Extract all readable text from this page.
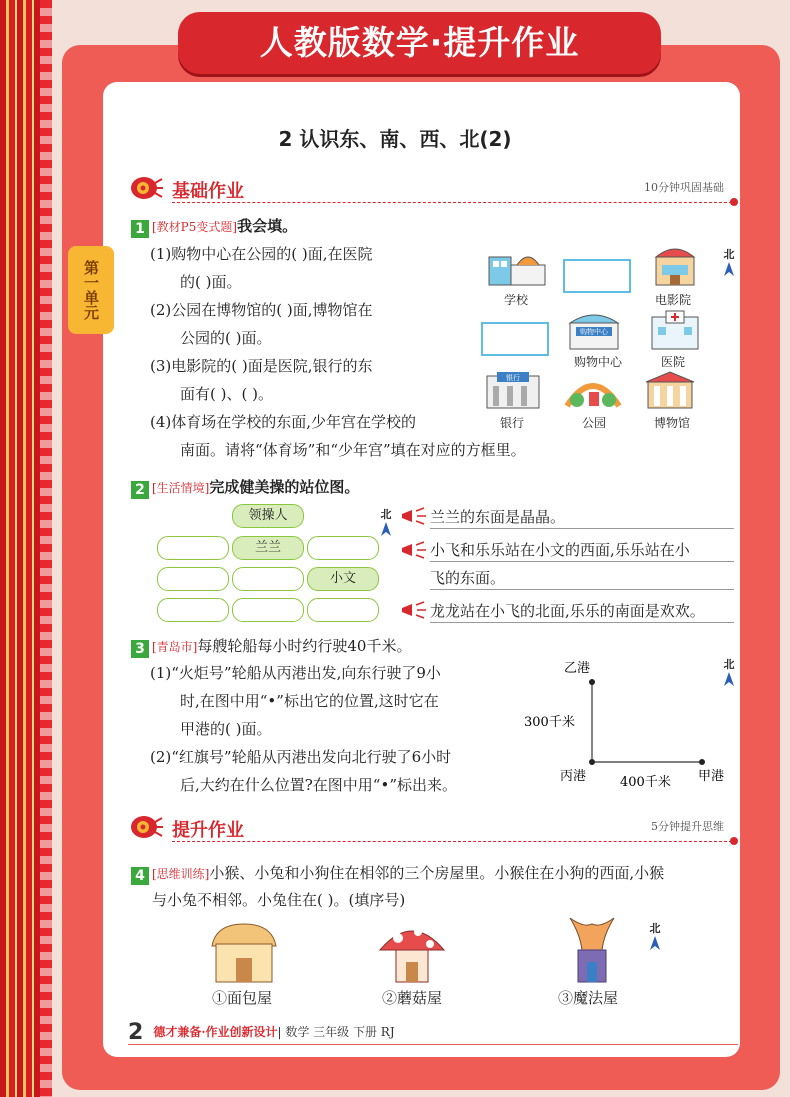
人教版数学·提升作业
第一单元
2 认识东、南、西、北(2)
基础作业	10分钟巩固基础
1 [教材P5变式题]我会填。
(1)购物中心在公园的( )面,在医院
的( )面。
(2)公园在博物馆的( )面,博物馆在
公园的( )面。
(3)电影院的( )面是医院,银行的东
面有( )、( )。
(4)体育场在学校的东面,少年宫在学校的
南面。请将“体育场”和“少年宫”填在对应的方框里。
北
学校	电影院
购物中心
购物中心	医院
银行
银行	公园	博物馆
2 [生活情境]完成健美操的站位图。
领操人
兰兰
小文
北	兰兰的东面是晶晶。
小飞和乐乐站在小文的西面,乐乐站在小
飞的东面。
龙龙站在小飞的北面,乐乐的南面是欢欢。
3 [青岛市]每艘轮船每小时约行驶40千米。
(1)“火炬号”轮船从丙港出发,向东行驶了9小
时,在图中用“•”标出它的位置,这时它在
甲港的( )面。
(2)“红旗号”轮船从丙港出发向北行驶了6小时
后,大约在什么位置?在图中用“•”标出来。
乙港
丙港	甲港
300千米
400千米
北
提升作业	5分钟提升思维
4 [思维训练]小猴、小兔和小狗住在相邻的三个房屋里。小猴住在小狗的西面,小猴
与小兔不相邻。小兔住在( )。(填序号)
①面包屋	②蘑菇屋	③魔法屋
北
2 德才兼备·作业创新设计| 数学 三年级 下册 RJ
